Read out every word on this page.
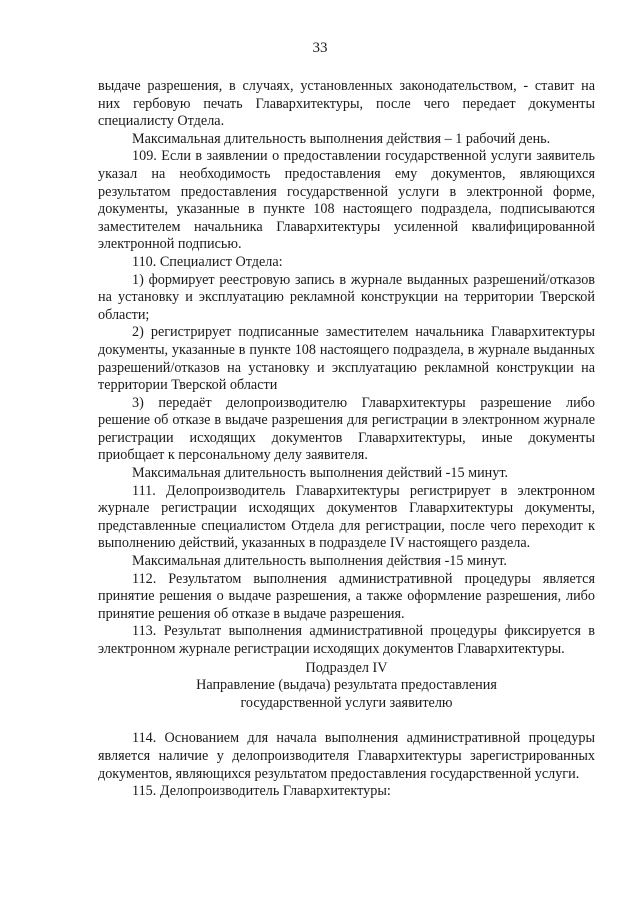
33

выдаче разрешения, в случаях, установленных законодательством, - ставит на них гербовую печать Главархитектуры, после чего передает документы специалисту Отдела.

Максимальная длительность выполнения действия – 1 рабочий день.

109. Если в заявлении о предоставлении государственной услуги заявитель указал на необходимость предоставления ему документов, являющихся результатом предоставления государственной услуги в электронной форме, документы, указанные в пункте 108 настоящего подраздела, подписываются заместителем начальника Главархитектуры усиленной квалифицированной электронной подписью.

110. Специалист Отдела:

1) формирует реестровую запись в журнале выданных разрешений/отказов на установку и эксплуатацию рекламной конструкции на территории Тверской области;

2) регистрирует подписанные заместителем начальника Главархитектуры документы, указанные в пункте 108 настоящего подраздела, в журнале выданных разрешений/отказов на установку и эксплуатацию рекламной конструкции на территории Тверской области

3) передаёт делопроизводителю Главархитектуры разрешение либо решение об отказе в выдаче разрешения для регистрации в электронном журнале регистрации исходящих документов Главархитектуры, иные документы приобщает к персональному делу заявителя.

Максимальная длительность выполнения действий -15 минут.

111. Делопроизводитель Главархитектуры регистрирует в электронном журнале регистрации исходящих документов Главархитектуры документы, представленные специалистом Отдела для регистрации, после чего переходит к выполнению действий, указанных в подразделе IV настоящего раздела.

Максимальная длительность выполнения действия -15 минут.

112. Результатом выполнения административной процедуры является принятие решения о выдаче разрешения, а также оформление разрешения, либо принятие решения об отказе в выдаче разрешения.

113. Результат выполнения административной процедуры фиксируется в электронном журнале регистрации исходящих документов Главархитектуры.

Подраздел IV

Направление (выдача) результата предоставления

государственной услуги заявителю

114. Основанием для начала выполнения административной процедуры является наличие у делопроизводителя Главархитектуры зарегистрированных документов, являющихся результатом предоставления государственной услуги.

115. Делопроизводитель Главархитектуры:
